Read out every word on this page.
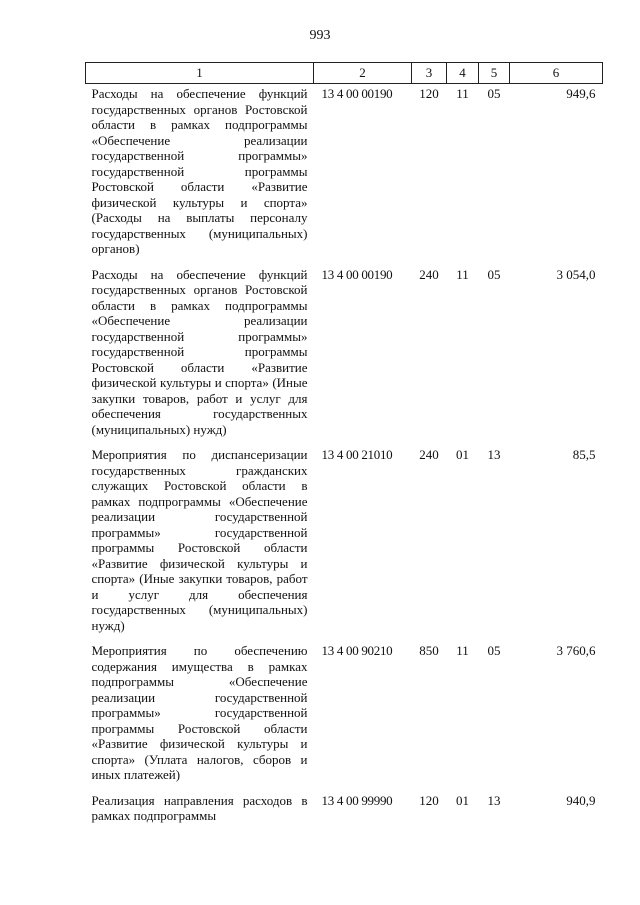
993
1	2	3	4	5	6
Расходы на обеспечение функций государственных органов Ростовской области в рамках подпрограммы «Обеспечение реализации государственной программы» государственной программы Ростовской области «Развитие физической культуры и спорта» (Расходы на выплаты персоналу государственных (муниципальных) органов)	13 4 00 00190	120	11	05	949,6
Расходы на обеспечение функций государственных органов Ростовской области в рамках подпрограммы «Обеспечение реализации государственной программы» государственной программы Ростовской области «Развитие физической культуры и спорта» (Иные закупки товаров, работ и услуг для обеспечения государственных (муниципальных) нужд)	13 4 00 00190	240	11	05	3 054,0
Мероприятия по диспансеризации государственных гражданских служащих Ростовской области в рамках подпрограммы «Обеспечение реализации государственной программы» государственной программы Ростовской области «Развитие физической культуры и спорта» (Иные закупки товаров, работ и услуг для обеспечения государственных (муниципальных) нужд)	13 4 00 21010	240	01	13	85,5
Мероприятия по обеспечению содержания имущества в рамках подпрограммы «Обеспечение реализации государственной программы» государственной программы Ростовской области «Развитие физической культуры и спорта» (Уплата налогов, сборов и иных платежей)	13 4 00 90210	850	11	05	3 760,6
Реализация направления расходов в рамках подпрограммы	13 4 00 99990	120	01	13	940,9
